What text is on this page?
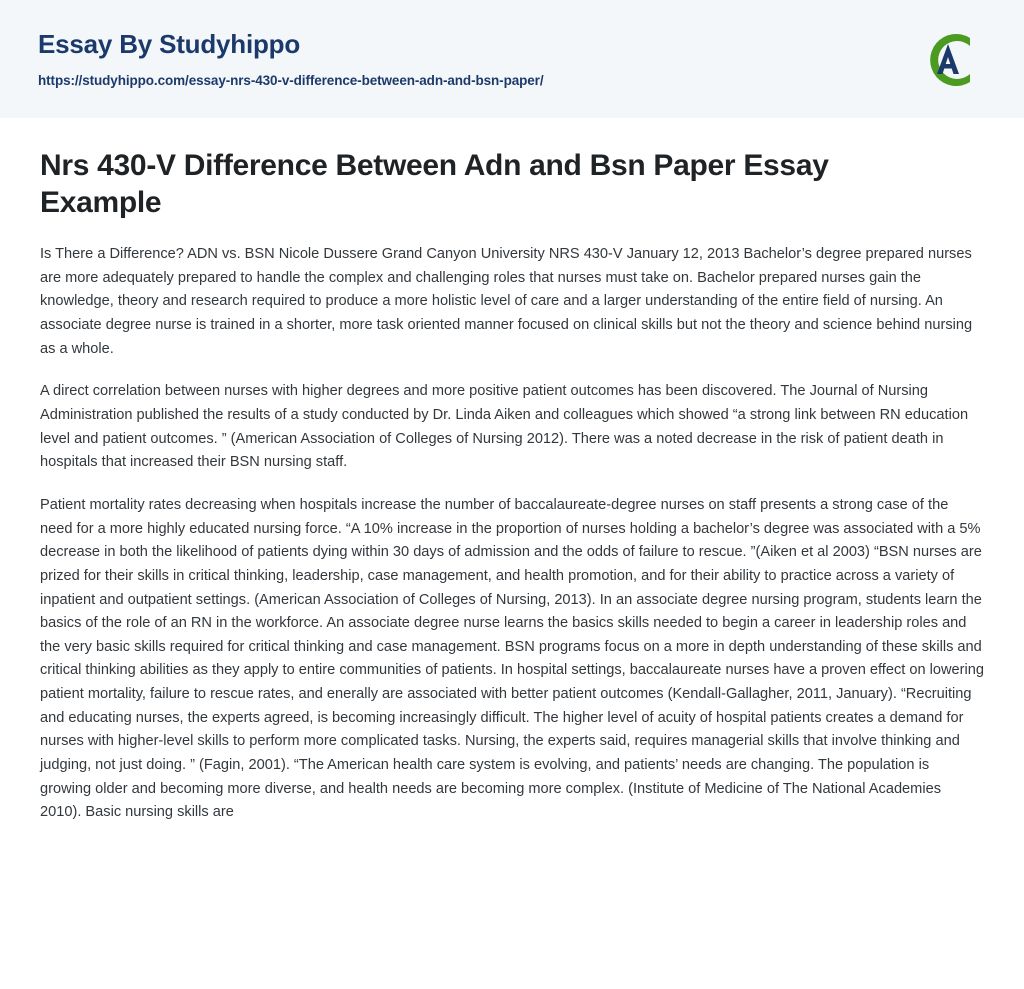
Essay By Studyhippo
https://studyhippo.com/essay-nrs-430-v-difference-between-adn-and-bsn-paper/
Nrs 430-V Difference Between Adn and Bsn Paper Essay Example

Is There a Difference? ADN vs. BSN Nicole Dussere Grand Canyon University NRS 430-V January 12, 2013 Bachelor’s degree prepared nurses are more adequately prepared to handle the complex and challenging roles that nurses must take on. Bachelor prepared nurses gain the knowledge, theory and research required to produce a more holistic level of care and a larger understanding of the entire field of nursing. An associate degree nurse is trained in a shorter, more task oriented manner focused on clinical skills but not the theory and science behind nursing as a whole.

A direct correlation between nurses with higher degrees and more positive patient outcomes has been discovered. The Journal of Nursing Administration published the results of a study conducted by Dr. Linda Aiken and colleagues which showed “a strong link between RN education level and patient outcomes. ” (American Association of Colleges of Nursing 2012). There was a noted decrease in the risk of patient death in hospitals that increased their BSN nursing staff.

Patient mortality rates decreasing when hospitals increase the number of baccalaureate-degree nurses on staff presents a strong case of the need for a more highly educated nursing force. “A 10% increase in the proportion of nurses holding a bachelor’s degree was associated with a 5% decrease in both the likelihood of patients dying within 30 days of admission and the odds of failure to rescue. ”(Aiken et al 2003) “BSN nurses are prized for their skills in critical thinking, leadership, case management, and health promotion, and for their ability to practice across a variety of inpatient and outpatient settings. (American Association of Colleges of Nursing, 2013). In an associate degree nursing program, students learn the basics of the role of an RN in the workforce. An associate degree nurse learns the basics skills needed to begin a career in leadership roles and the very basic skills required for critical thinking and case management. BSN programs focus on a more in depth understanding of these skills and critical thinking abilities as they apply to entire communities of patients. In hospital settings, baccalaureate nurses have a proven effect on lowering patient mortality, failure to rescue rates, and enerally are associated with better patient outcomes (Kendall-Gallagher, 2011, January). “Recruiting and educating nurses, the experts agreed, is becoming increasingly difficult. The higher level of acuity of hospital patients creates a demand for nurses with higher-level skills to perform more complicated tasks. Nursing, the experts said, requires managerial skills that involve thinking and judging, not just doing. ” (Fagin, 2001). “The American health care system is evolving, and patients’ needs are changing. The population is growing older and becoming more diverse, and health needs are becoming more complex. (Institute of Medicine of The National Academies 2010). Basic nursing skills are
